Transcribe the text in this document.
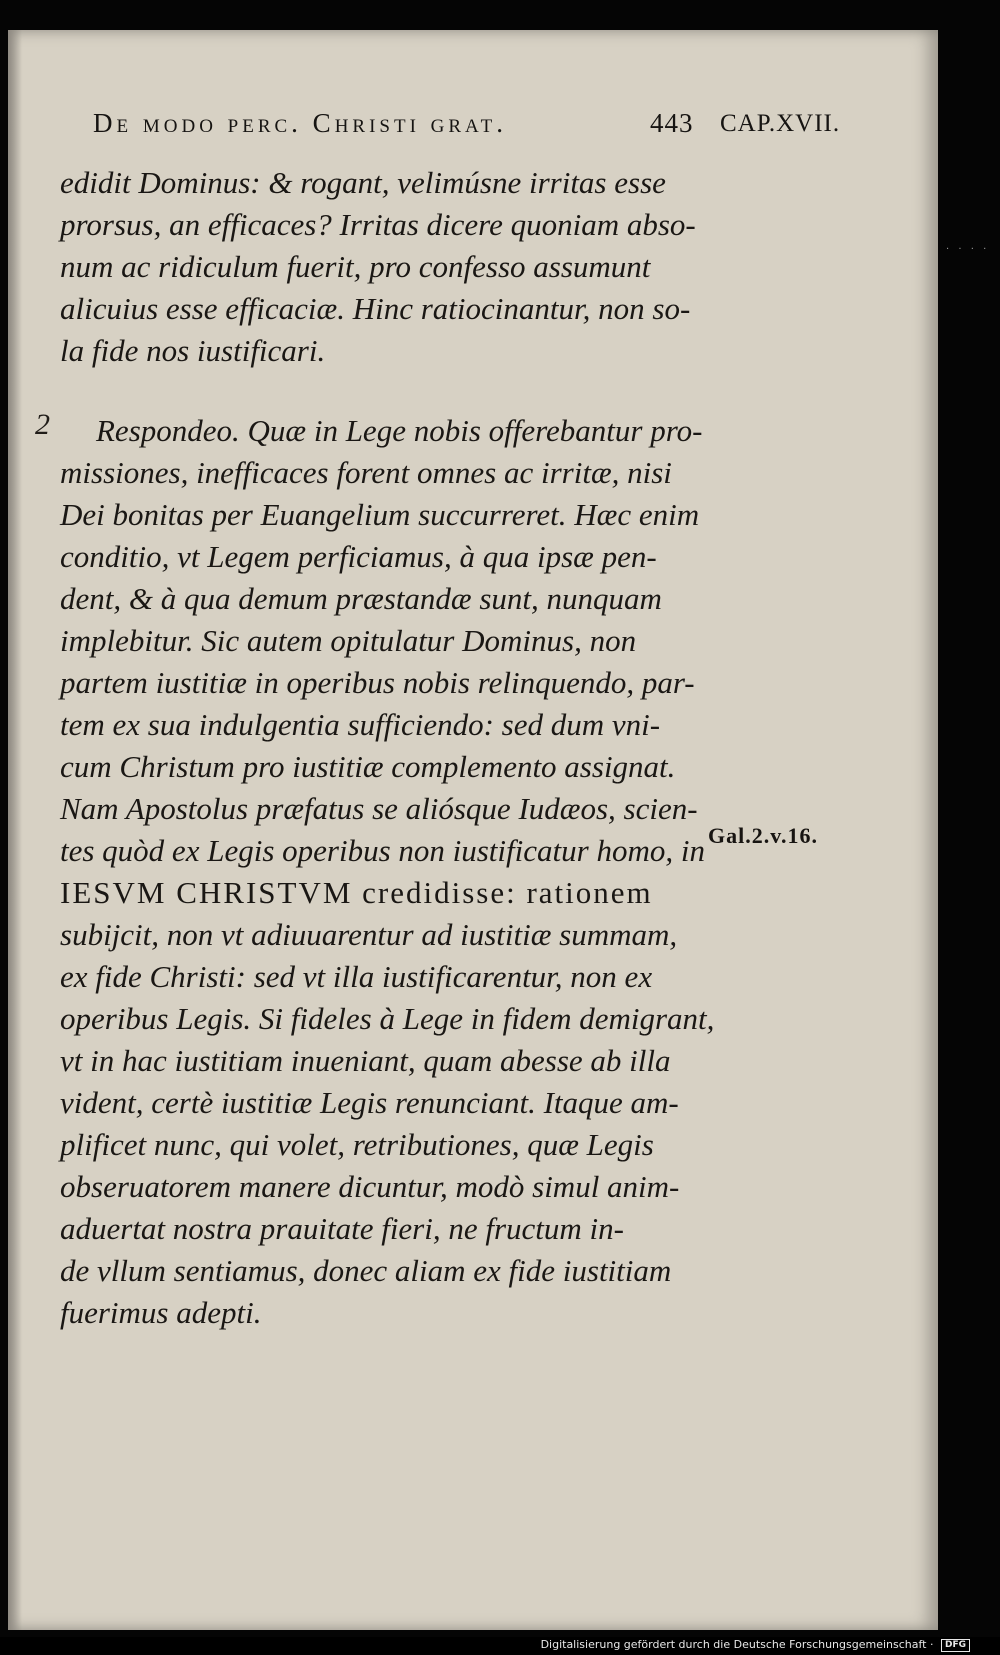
De modo perc. Christi grat.	443 CAP.XVII.
edidit Dominus: & rogant, velimúsne irritas esse
prorsus, an efficaces? Irritas dicere quoniam abso-
num ac ridiculum fuerit, pro confesso assumunt
alicuius esse efficaciæ. Hinc ratiocinantur, non so-
la fide nos iustificari.
2	Respondeo. Quæ in Lege nobis offerebantur pro-
missiones, inefficaces forent omnes ac irritæ, nisi
Dei bonitas per Euangelium succurreret. Hæc enim
conditio, vt Legem perficiamus, à qua ipsæ pen-
dent, & à qua demum præstandæ sunt, nunquam
implebitur. Sic autem opitulatur Dominus, non
partem iustitiæ in operibus nobis relinquendo, par-
tem ex sua indulgentia sufficiendo: sed dum vni-
cum Christum pro iustitiæ complemento assignat.
Nam Apostolus præfatus se aliósque Iudæos, scien-
tes quòd ex Legis operibus non iustificatur homo, in
IESVM CHRISTVM credidisse: rationem
subijcit, non vt adiuuarentur ad iustitiæ summam,
ex fide Christi: sed vt illa iustificarentur, non ex
operibus Legis. Si fideles à Lege in fidem demigrant,
vt in hac iustitiam inueniant, quam abesse ab illa
vident, certè iustitiæ Legis renunciant. Itaque am-
plificet nunc, qui volet, retributiones, quæ Legis
obseruatorem manere dicuntur, modò simul anim-
aduertat nostra prauitate fieri, ne fructum in-
de vllum sentiamus, donec aliam ex fide iustitiam
fuerimus adepti.
Gal.2.v.16.
· · · ·
Digitalisierung gefördert durch die Deutsche Forschungsgemeinschaft · DFG
